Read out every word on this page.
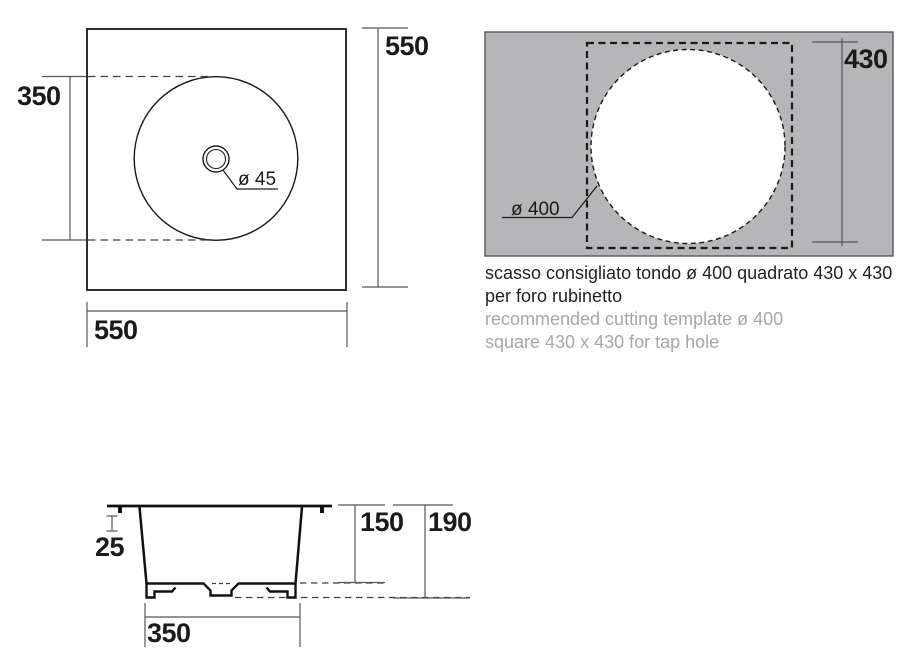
350
550
550
ø 45
430
ø 400
25
150 190
350
scasso consigliato tondo ø 400 quadrato 430 x 430
per foro rubinetto
recommended cutting template ø 400
square 430 x 430 for tap hole
